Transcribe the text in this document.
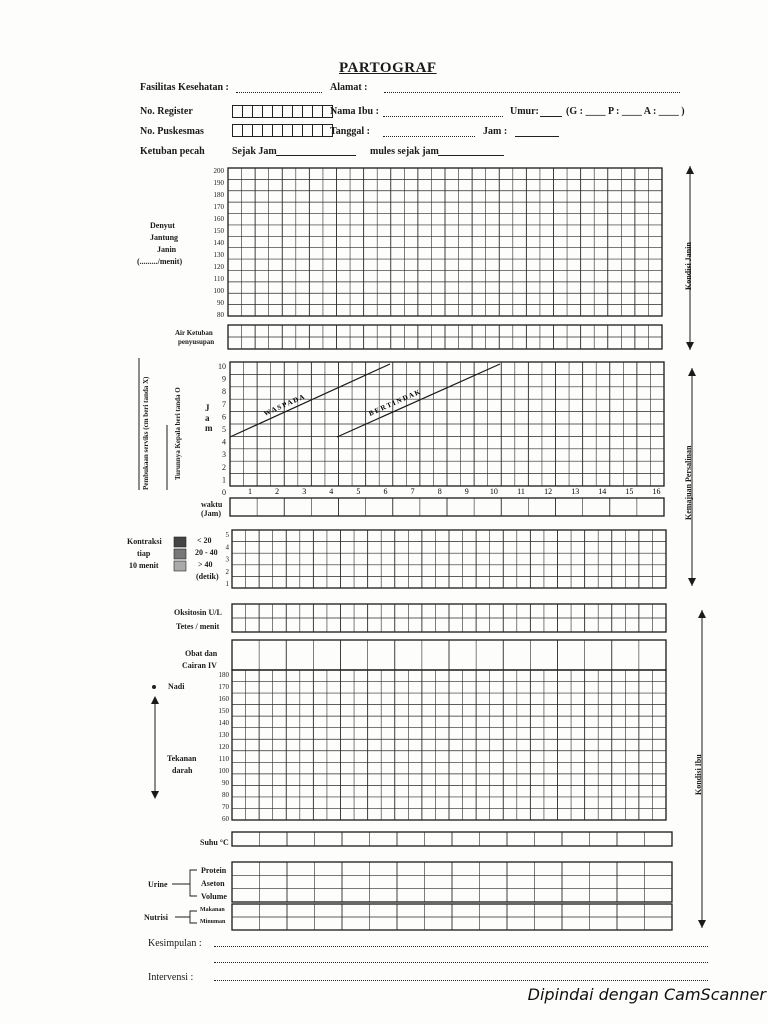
PARTOGRAF
Fasilitas Kesehatan :	Alamat :
No. Register	Nama Ibu :	Umur:	(G : ____ P : ____ A : ____ )
No. Puskesmas	Tanggal :	Jam :
Ketuban pecah	Sejak Jam	mules sejak jam
Denyut
Jantung
Janin
(........./menit)
Air Ketuban
penyusupan
Pembukaan serviks (cm beri tanda X)	Turunnya Kepala beri tanda O	J a m
waktu (Jam)
Kontraksi
tiap
10 menit
< 20
20 - 40
> 40
(detik)
Oksitosin U/L
Tetes / menit
Obat dan
Cairan IV
Nadi
Tekanan
darah
Suhu °C
Urine
Protein
Aseton
Volume
Nutrisi
Makanan
Minuman
Kesimpulan :
Intervensi :
Kondisi Janin
Kemajuan Persalinan
Kondisi Ibu
Dipindai dengan CamScanner
200
190
180
170
160
150
140
130
120
110
100
90
80
10
9
8
7
6
5
4
3
2
1
0	1	2	3	4	5	6	7	8	9	10 11 12 13 14 15 16
W A S P A D A	B E R T I N D A K
5
4
3
2
1
180
170
160
150
140
130
120
110
100
90
80
70
60
